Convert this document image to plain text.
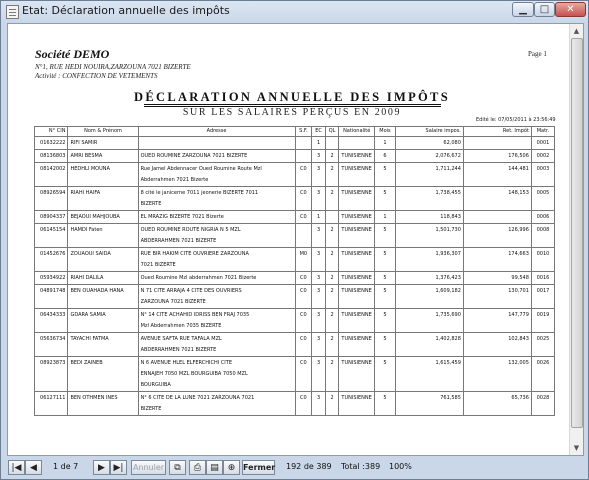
Etat: Déclaration annuelle des impôts	▁	□	✕
Société DEMO
N°1, RUE HEDI NOUIRA,ZARZOUNA 7021 BIZERTE
Activité : CONFECTION DE VETEMENTS
Page 1
DÉCLARATION ANNUELLE DES IMPÔTS
SUR LES SALAIRES PERÇUS EN 2009
Edité le: 07/05/2011 à 23:56:49
N° CIN	Nom & Prénom	Adresse	S.F.	EC	QL	Nationalité	Mois	Salaire impos.	Ret. Impôt	Matr.

01632222	RIFI SAMIR			1			1	62,080		0001

08136803	AMRI BESMA	OUED ROUMINE ZARZOUNA 7021 BIZERTE		3	2	TUNISIENNE	6	2,076,672	176,506	0002

08142002	HEDHLI MOUNA	Rue Jamel Abdennacer Oued Roumine Route Mzl
Abderrahmen 7021 Bizerte	C0	3	2	TUNISIENNE	5	1,711,244	144,481	0003

08926594	RIAHI HAIFA	8 cité le janicerne 7011 jeonerie BIZERTE 7011
BIZERTE	C0	3	2	TUNISIENNE	5	1,738,455	148,153	0005

08904337	BEJAOUI MAHJOUBA	EL MRAZIG BIZERTE 7021 Bizerte	C0	1		TUNISIENNE	1	118,843		0006

06145154	HAMDI Faten	OUED ROUMINE ROUTE NIGRIA N 5 MZL
ABDERRAHMEN 7021 BIZERTE		3	2	TUNISIENNE	5	1,501,730	126,996	0008

01452676	ZOUAOUI SAIDA	RUE BIR HAKIM CITE OUVRIERE ZARZOUNA
7021 BIZERTE	M0	3	2	TUNISIENNE	5	1,936,307	174,663	0010

05934922	RIAHI DALILA	Oued Roumine Mzl abderrahmen 7021 Bizerte	C0	3	2	TUNISIENNE	5	1,376,423	99,548	0016

04891748	BEN OUAHADA HANA	N 71 CITE ARRAJA 4 CITE DES OUVRIERS
ZARZOUNA 7021 BIZERTE	C0	3	2	TUNISIENNE	5	1,609,182	130,701	0017

06434333	GDARA SAMIA	N° 14 CITE ACHAHID IDRISS BEN FRAJ 7035
Mzl Abderrahmen 7035 BIZERTE	C0	3	2	TUNISIENNE	5	1,735,690	147,779	0019

05636734	TAYACHI FATMA	AVENUE SAFTA RUE TAFALA MZL
ABDERRAHMEN 7021 BIZERTE	C0	3	2	TUNISIENNE	5	1,402,828	102,843	0025

08923873	BEDI ZAINEB	N 6 AVENUE HLEL ELFERCHICHI CITE
ENNAJEH 7050 MZL BOURGUIBA 7050 MZL
BOURGUIBA	C0	3	2	TUNISIENNE	5	1,615,459	132,005	0026

06127111	BEN OTHMEN INES	N° 6 CITE DE LA LUNE 7021 ZARZOUNA 7021
BIZERTE	C0	3	2	TUNISIENNE	5	761,585	65,736	0028
▲
▼
|◀ ◀	1 de 7	▶ ▶|	Annuler	⧉	⎙	▤ ⊕ Fermer 192 de 389 Total :389 100%
